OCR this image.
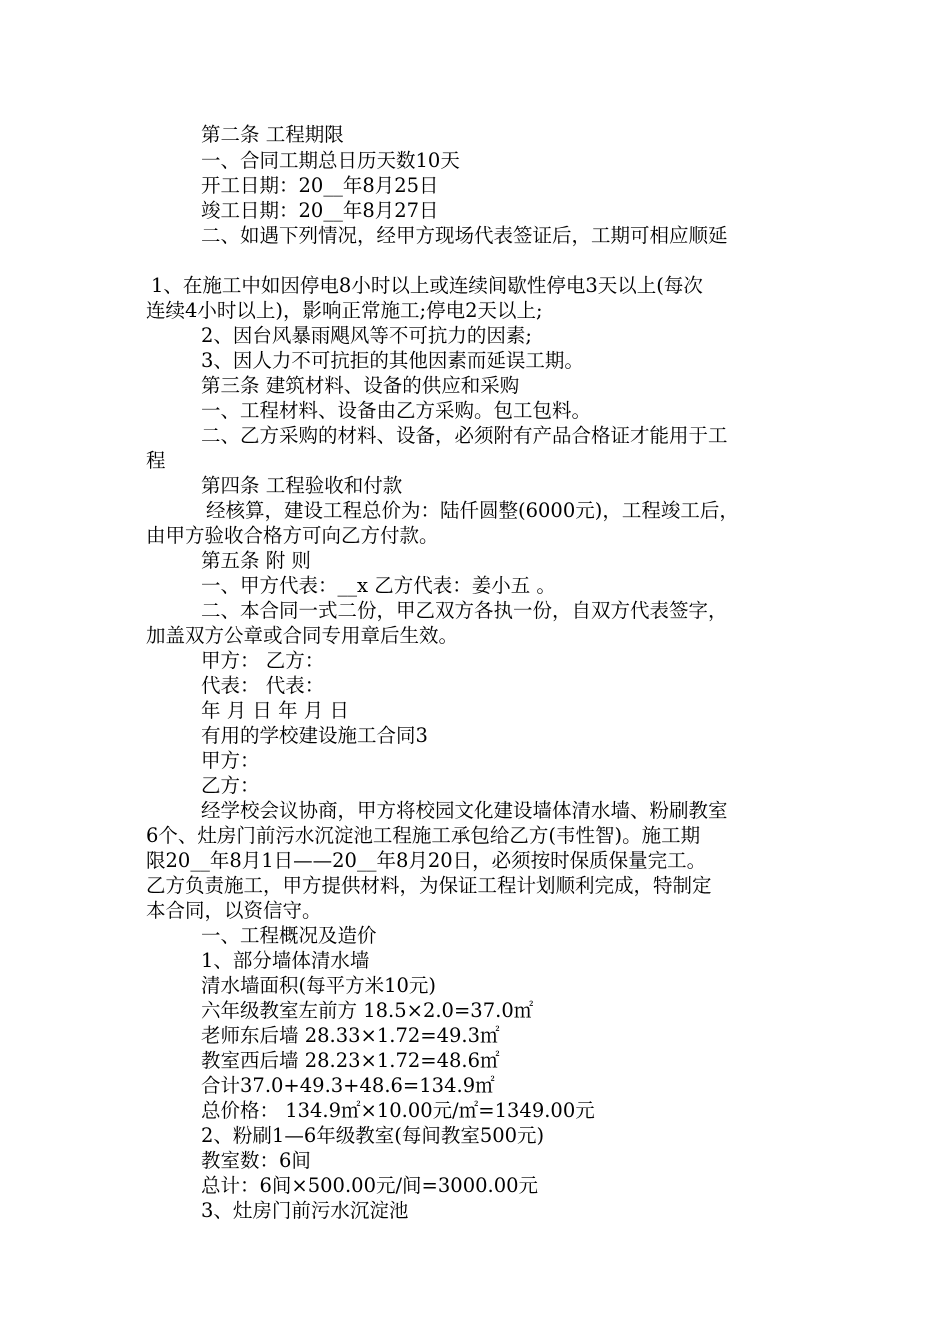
第二条 工程期限
一、合同工期总日历天数10天
开工日期：20__年8月25日
竣工日期：20__年8月27日
二、如遇下列情况，经甲方现场代表签证后，工期可相应顺延
1、在施工中如因停电8小时以上或连续间歇性停电3天以上(每次
连续4小时以上)，影响正常施工;停电2天以上;
2、因台风暴雨飓风等不可抗力的因素;
3、因人力不可抗拒的其他因素而延误工期。
第三条 建筑材料、设备的供应和采购
一、工程材料、设备由乙方采购。包工包料。
二、乙方采购的材料、设备，必须附有产品合格证才能用于工
程
第四条 工程验收和付款
经核算，建设工程总价为：陆仟圆整(6000元)，工程竣工后，
由甲方验收合格方可向乙方付款。
第五条 附 则
一、甲方代表：__x 乙方代表：姜小五 。
二、本合同一式二份，甲乙双方各执一份，自双方代表签字，
加盖双方公章或合同专用章后生效。
甲方： 乙方：
代表： 代表：
年 月 日 年 月 日
有用的学校建设施工合同3
甲方：
乙方：
经学校会议协商，甲方将校园文化建设墙体清水墙、粉刷教室
6个、灶房门前污水沉淀池工程施工承包给乙方(韦性智)。施工期
限20__年8月1日——20__年8月20日，必须按时保质保量完工。
乙方负责施工，甲方提供材料，为保证工程计划顺利完成，特制定
本合同，以资信守。
一、工程概况及造价
1、部分墙体清水墙
清水墙面积(每平方米10元)
六年级教室左前方 18.5×2.0=37.0㎡
老师东后墙 28.33×1.72=49.3㎡
教室西后墙 28.23×1.72=48.6㎡
合计37.0+49.3+48.6=134.9㎡
总价格： 134.9㎡×10.00元/㎡=1349.00元
2、粉刷1—6年级教室(每间教室500元)
教室数：6间
总计：6间×500.00元/间=3000.00元
3、灶房门前污水沉淀池
